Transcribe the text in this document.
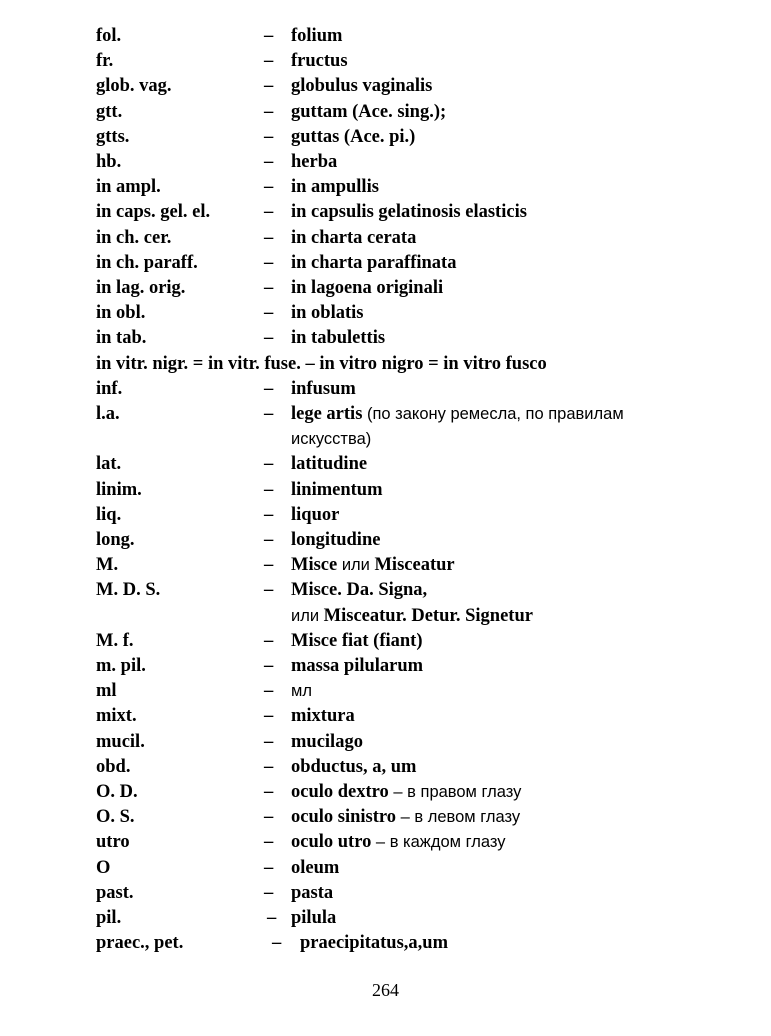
fol.	– folium
fr.	– fructus
glob. vag.	– globulus vaginalis
gtt.	– guttam (Ace. sing.);
gtts.	– guttas (Ace. pi.)
hb.	– herba
in ampl.	– in ampullis
in caps. gel. el.	– in capsulis gelatinosis elasticis
in ch. cer.	– in charta cerata
in ch. paraff.	– in charta paraffinata
in lag. orig.	– in lagoena originali
in obl.	– in oblatis
in tab.	– in tabulettis
in vitr. nigr. = in vitr. fuse. – in vitro nigro = in vitro fusco
inf.	– infusum
l.a.	– lege artis (по закону ремесла, по правилам
искусства)
lat.	– latitudine
linim.	– linimentum
liq.	– liquor
long.	– longitudine
M.	– Misce или Misceatur
M. D. S.	– Misce. Da. Signa,
или Misceatur. Detur. Signetur
M. f.	– Misce fiat (fiant)
m. pil.	– massa pilularum
ml	– мл
mixt.	– mixtura
mucil.	– mucilago
obd.	– obductus, a, um
O. D.	– oculo dextro – в правом глазу
O. S.	– oculo sinistro – в левом глазу
utro	– oculo utro – в каждом глазу
O	– oleum
past.	– pasta
pil.	– pilula
praec., pet.	– praecipitatus,a,um
264
